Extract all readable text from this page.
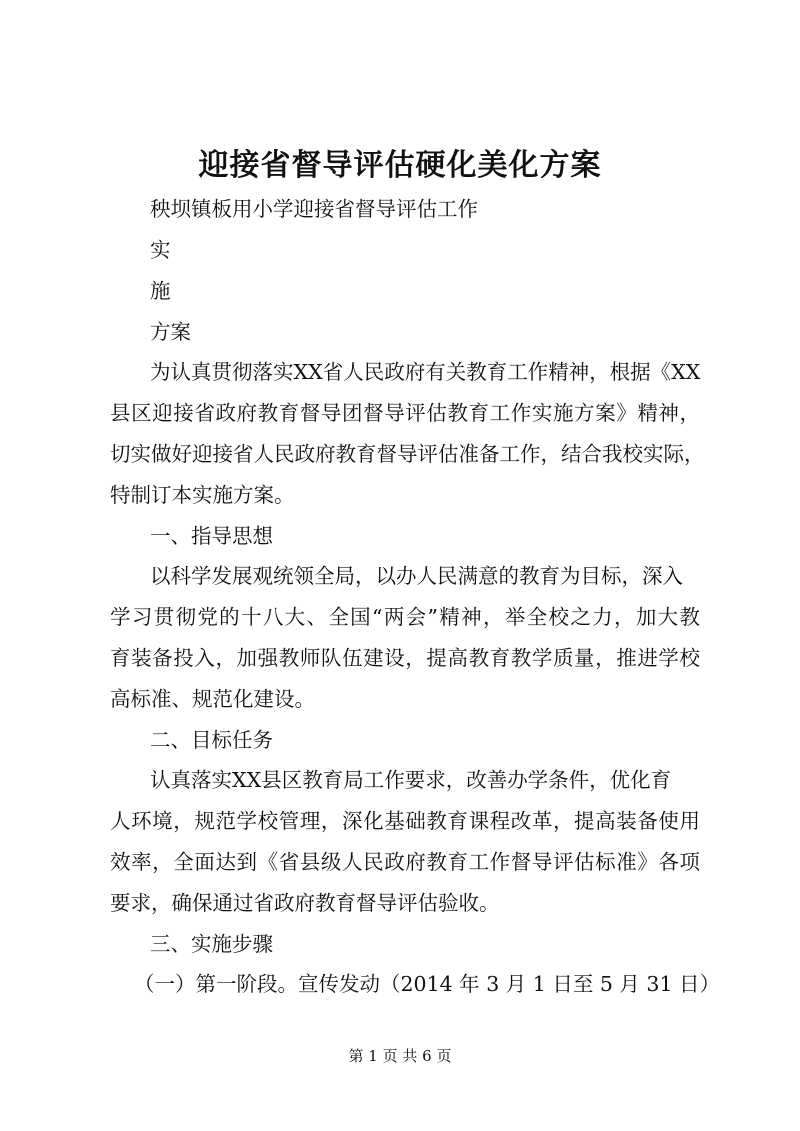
迎接省督导评估硬化美化方案
秧坝镇板用小学迎接省督导评估工作
实
施
方案
为认真贯彻落实XX省人民政府有关教育工作精神，根据《XX
县区迎接省政府教育督导团督导评估教育工作实施方案》精神，
切实做好迎接省人民政府教育督导评估准备工作，结合我校实际，
特制订本实施方案。
一、指导思想
以科学发展观统领全局，以办人民满意的教育为目标，深入
学习贯彻党的十八大、全国“两会”精神，举全校之力，加大教
育装备投入，加强教师队伍建设，提高教育教学质量，推进学校
高标准、规范化建设。
二、目标任务
认真落实XX县区教育局工作要求，改善办学条件，优化育
人环境，规范学校管理，深化基础教育课程改革，提高装备使用
效率，全面达到《省县级人民政府教育工作督导评估标准》各项
要求，确保通过省政府教育督导评估验收。
三、实施步骤
（一）第一阶段。宣传发动（2014 年 3 月 1 日至 5 月 31 日）
第 1 页 共 6 页
